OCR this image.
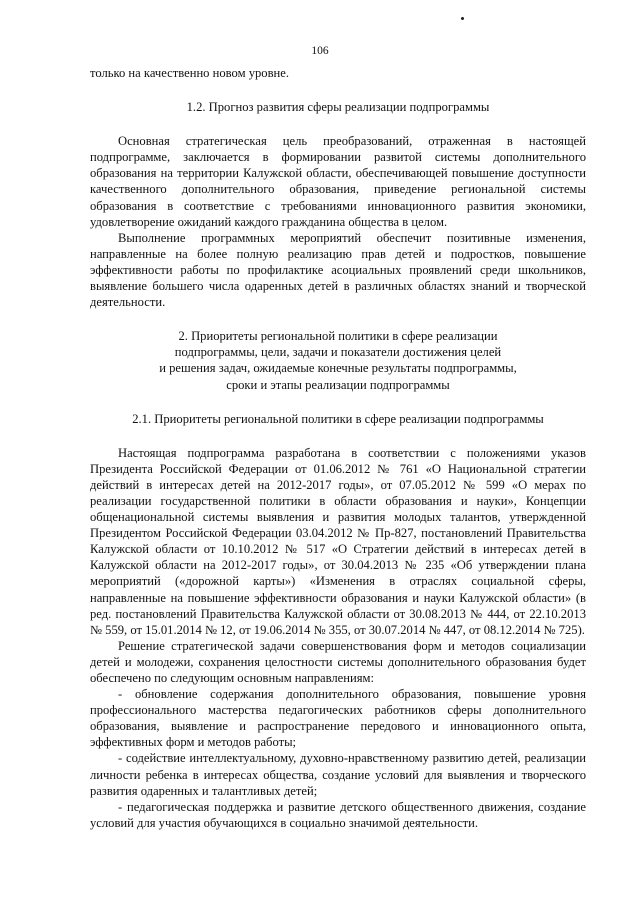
106

только на качественно новом уровне.

1.2. Прогноз развития сферы реализации подпрограммы

Основная стратегическая цель преобразований, отраженная в настоящей подпрограмме, заключается в формировании развитой системы дополнительного образования на территории Калужской области, обеспечивающей повышение доступности качественного дополнительного образования, приведение региональной системы образования в соответствие с требованиями инновационного развития экономики, удовлетворение ожиданий каждого гражданина общества в целом.

Выполнение программных мероприятий обеспечит позитивные изменения, направленные на более полную реализацию прав детей и подростков, повышение эффективности работы по профилактике асоциальных проявлений среди школьников, выявление большего числа одаренных детей в различных областях знаний и творческой деятельности.

2. Приоритеты региональной политики в сфере реализации

подпрограммы, цели, задачи и показатели достижения целей

и решения задач, ожидаемые конечные результаты подпрограммы,

сроки и этапы реализации подпрограммы

2.1. Приоритеты региональной политики в сфере реализации подпрограммы

Настоящая подпрограмма разработана в соответствии с положениями указов Президента Российской Федерации от 01.06.2012 № 761 «О Национальной стратегии действий в интересах детей на 2012-2017 годы», от 07.05.2012 № 599 «О мерах по реализации государственной политики в области образования и науки», Концепции общенациональной системы выявления и развития молодых талантов, утвержденной Президентом Российской Федерации 03.04.2012 № Пр-827, постановлений Правительства Калужской области от 10.10.2012 № 517 «О Стратегии действий в интересах детей в Калужской области на 2012-2017 годы», от 30.04.2013 № 235 «Об утверждении плана мероприятий («дорожной карты») «Изменения в отраслях социальной сферы, направленные на повышение эффективности образования и науки Калужской области» (в ред. постановлений Правительства Калужской области от 30.08.2013 № 444, от 22.10.2013 № 559, от 15.01.2014 № 12, от 19.06.2014 № 355, от 30.07.2014 № 447, от 08.12.2014 № 725).

Решение стратегической задачи совершенствования форм и методов социализации детей и молодежи, сохранения целостности системы дополнительного образования будет обеспечено по следующим основным направлениям:

- обновление содержания дополнительного образования, повышение уровня профессионального мастерства педагогических работников сферы дополнительного образования, выявление и распространение передового и инновационного опыта, эффективных форм и методов работы;

- содействие интеллектуальному, духовно-нравственному развитию детей, реализации личности ребенка в интересах общества, создание условий для выявления и творческого развития одаренных и талантливых детей;

- педагогическая поддержка и развитие детского общественного движения, создание условий для участия обучающихся в социально значимой деятельности.
